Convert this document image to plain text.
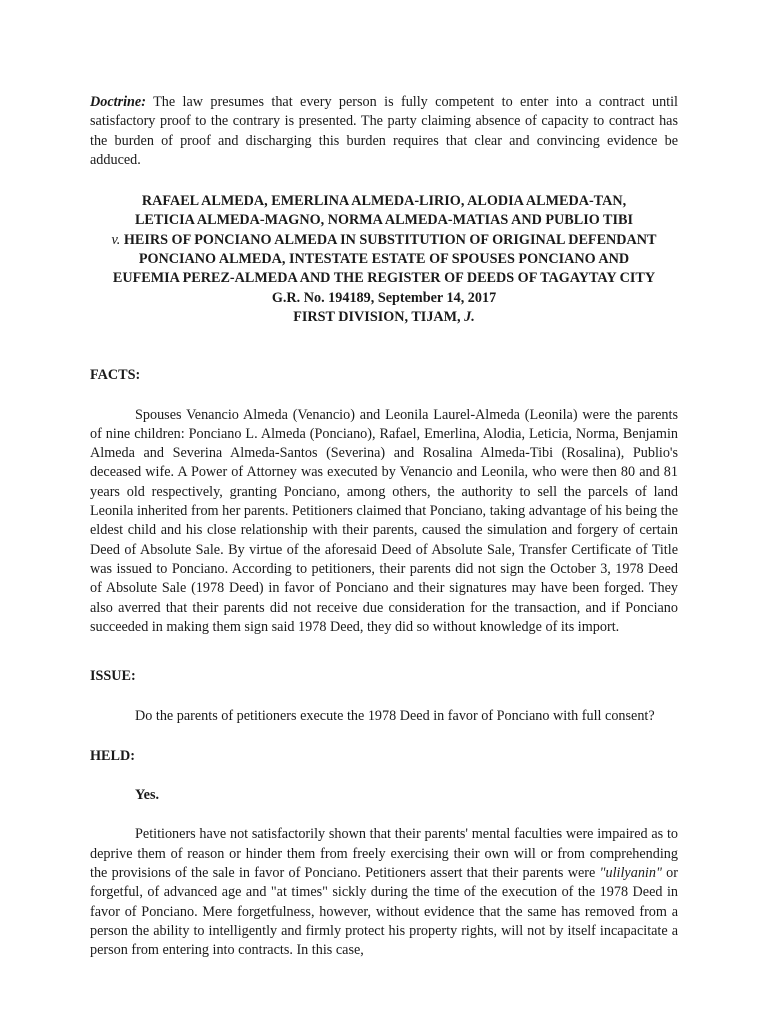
Doctrine: The law presumes that every person is fully competent to enter into a contract until satisfactory proof to the contrary is presented. The party claiming absence of capacity to contract has the burden of proof and discharging this burden requires that clear and convincing evidence be adduced.

RAFAEL ALMEDA, EMERLINA ALMEDA-LIRIO, ALODIA ALMEDA-TAN,
LETICIA ALMEDA-MAGNO, NORMA ALMEDA-MATIAS AND PUBLIO TIBI
v. HEIRS OF PONCIANO ALMEDA IN SUBSTITUTION OF ORIGINAL DEFENDANT
PONCIANO ALMEDA, INTESTATE ESTATE OF SPOUSES PONCIANO AND
EUFEMIA PEREZ-ALMEDA AND THE REGISTER OF DEEDS OF TAGAYTAY CITY
G.R. No. 194189, September 14, 2017
FIRST DIVISION, TIJAM, J.

FACTS:

Spouses Venancio Almeda (Venancio) and Leonila Laurel-Almeda (Leonila) were the parents of nine children: Ponciano L. Almeda (Ponciano), Rafael, Emerlina, Alodia, Leticia, Norma, Benjamin Almeda and Severina Almeda-Santos (Severina) and Rosalina Almeda-Tibi (Rosalina), Publio's deceased wife. A Power of Attorney was executed by Venancio and Leonila, who were then 80 and 81 years old respectively, granting Ponciano, among others, the authority to sell the parcels of land Leonila inherited from her parents. Petitioners claimed that Ponciano, taking advantage of his being the eldest child and his close relationship with their parents, caused the simulation and forgery of certain Deed of Absolute Sale. By virtue of the aforesaid Deed of Absolute Sale, Transfer Certificate of Title was issued to Ponciano. According to petitioners, their parents did not sign the October 3, 1978 Deed of Absolute Sale (1978 Deed) in favor of Ponciano and their signatures may have been forged. They also averred that their parents did not receive due consideration for the transaction, and if Ponciano succeeded in making them sign said 1978 Deed, they did so without knowledge of its import.

ISSUE:

Do the parents of petitioners execute the 1978 Deed in favor of Ponciano with full consent?

HELD:

Yes.

Petitioners have not satisfactorily shown that their parents' mental faculties were impaired as to deprive them of reason or hinder them from freely exercising their own will or from comprehending the provisions of the sale in favor of Ponciano. Petitioners assert that their parents were "ulilyanin" or forgetful, of advanced age and "at times" sickly during the time of the execution of the 1978 Deed in favor of Ponciano. Mere forgetfulness, however, without evidence that the same has removed from a person the ability to intelligently and firmly protect his property rights, will not by itself incapacitate a person from entering into contracts. In this case,
